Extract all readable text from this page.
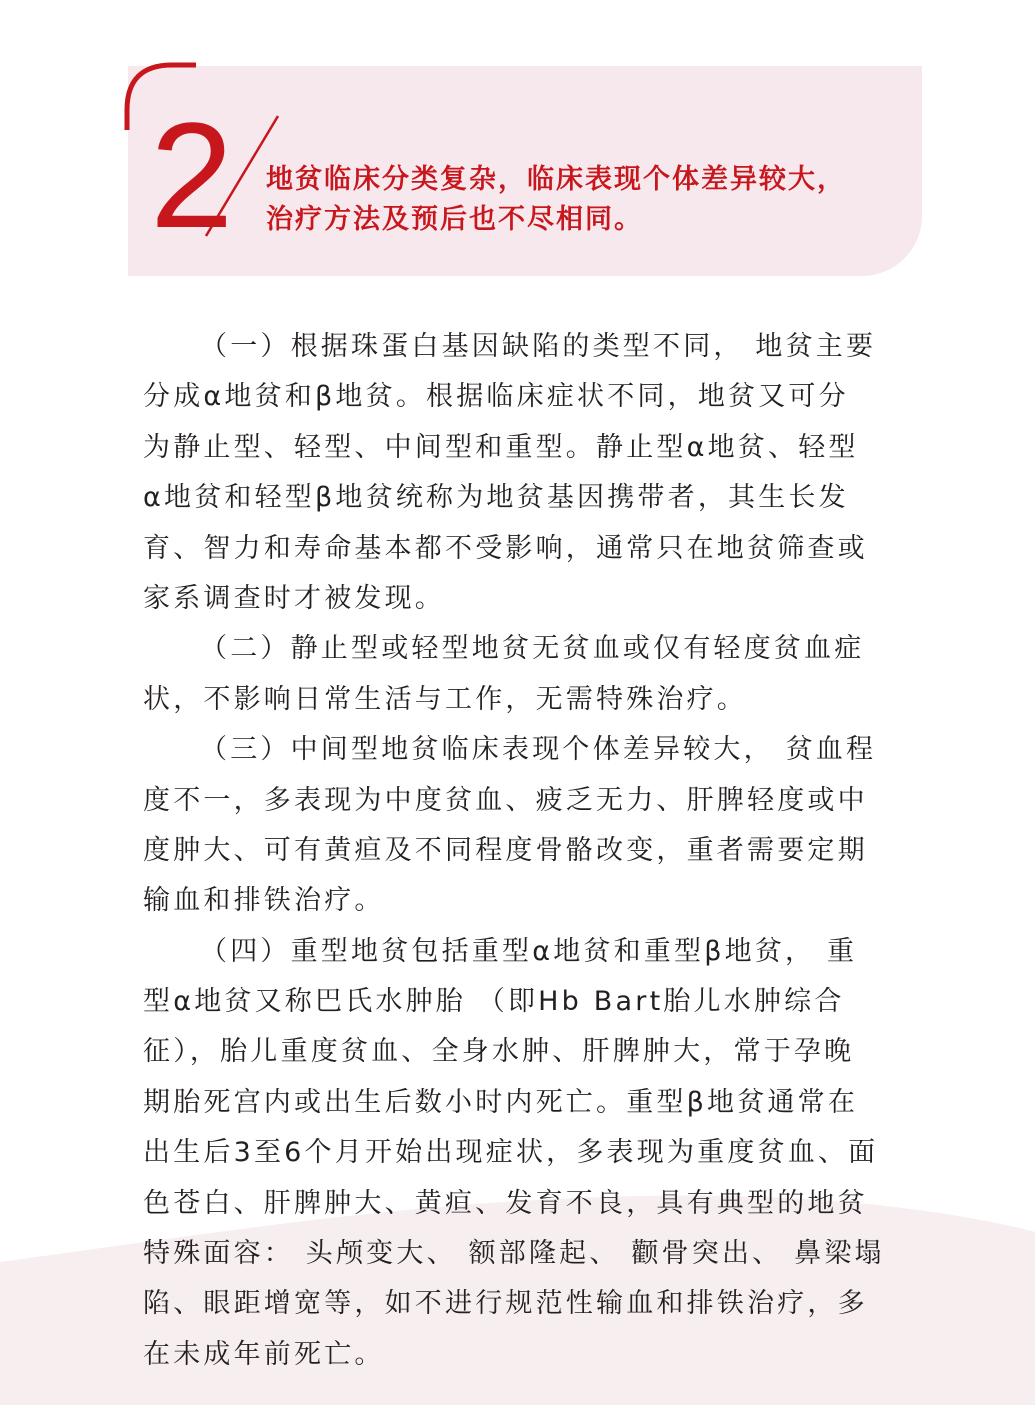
2 地贫临床分类复杂，临床表现个体差异较大，
治疗方法及预后也不尽相同。
（一）根据珠蛋白基因缺陷的类型不同， 地贫主要
分成α地贫和β地贫。根据临床症状不同，地贫又可分
为静止型、轻型、中间型和重型。静止型α地贫、轻型
α地贫和轻型β地贫统称为地贫基因携带者，其生长发
育、智力和寿命基本都不受影响，通常只在地贫筛查或
家系调查时才被发现。
（二）静止型或轻型地贫无贫血或仅有轻度贫血症
状，不影响日常生活与工作，无需特殊治疗。
（三）中间型地贫临床表现个体差异较大， 贫血程
度不一，多表现为中度贫血、疲乏无力、肝脾轻度或中
度肿大、可有黄疸及不同程度骨骼改变，重者需要定期
输血和排铁治疗。
（四）重型地贫包括重型α地贫和重型β地贫， 重
型α地贫又称巴氏水肿胎 （即Hb Bart胎儿水肿综合
征），胎儿重度贫血、全身水肿、肝脾肿大，常于孕晚
期胎死宫内或出生后数小时内死亡。重型β地贫通常在
出生后3至6个月开始出现症状，多表现为重度贫血、面
色苍白、肝脾肿大、黄疸、发育不良，具有典型的地贫
特殊面容： 头颅变大、 额部隆起、 颧骨突出、 鼻梁塌
陷、眼距增宽等，如不进行规范性输血和排铁治疗，多
在未成年前死亡。
